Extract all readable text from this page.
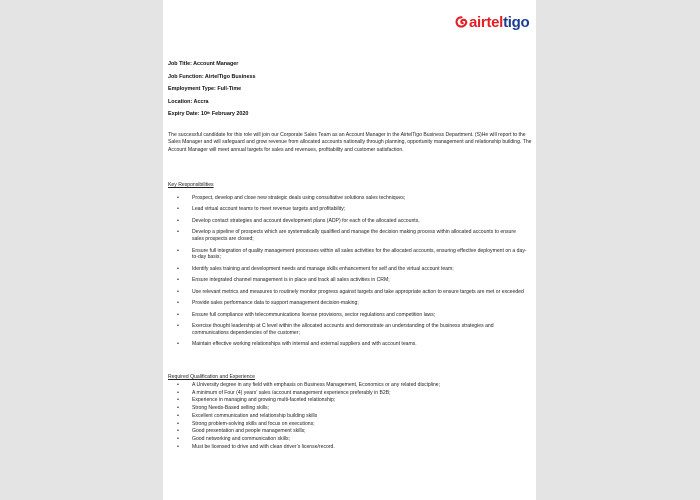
airtel tigo
Job Title: Account Manager
Job Function: AirtelTigo Business
Employment Type: Full-Time
Location: Accra
Expiry Date: 10th February 2020
The successful candidate for this role will join our Corporate Sales Team as an Account Manager in the AirtelTigo Business Department. (S)He will report to the Sales Manager and will safeguard and grow revenue from allocated accounts nationally through planning, opportunity management and relationship building. The Account Manager will meet annual targets for sales and revenues, profitability and customer satisfaction.
Key Responsibilities
•	Prospect, develop and close new strategic deals using consultative solutions sales techniques;
•	Lead virtual account teams to meet revenue targets and profitability;
•	Develop contact strategies and account development plans (ADP) for each of the allocated accounts,
•	Develop a pipeline of prospects which are systematically qualified and manage the decision making process within allocated accounts to ensure sales prospects are closed;
•	Ensure full integration of quality management processes within all sales activities for the allocated accounts, ensuring effective deployment on a day-to-day basis;
•	Identify sales training and development needs and manage skills enhancement for self and the virtual account team;
•	Ensure integrated channel management is in place and track all sales activities in CRM;
•	Use relevant metrics and measures to routinely monitor progress against targets and take appropriate action to ensure targets are met or exceeded
•	Provide sales performance data to support management decision-making;
•	Ensure full compliance with telecommunications license provisions, sector regulations and competition laws;
•	Exercise thought leadership at C level within the allocated accounts and demonstrate an understanding of the business strategies and communications dependencies of the customer;
•	Maintain effective working relationships with internal and external suppliers and with account teams.
Required Qualification and Experience
•	A University degree in any field with emphasis on Business Management, Economics or any related discipline;
•	A minimum of Four (4) years’ sales /account management experience preferably in B2B;
•	Experience in managing and growing multi-faceted relationship;
•	Strong Needs-Based selling skills;
•	Excellent communication and relationship building skills
•	Strong problem-solving skills and focus on executions;
•	Good presentation and people management skills;
•	Good networking and communication skills;
•	Must be licensed to drive and with clean driver’s license/record.
